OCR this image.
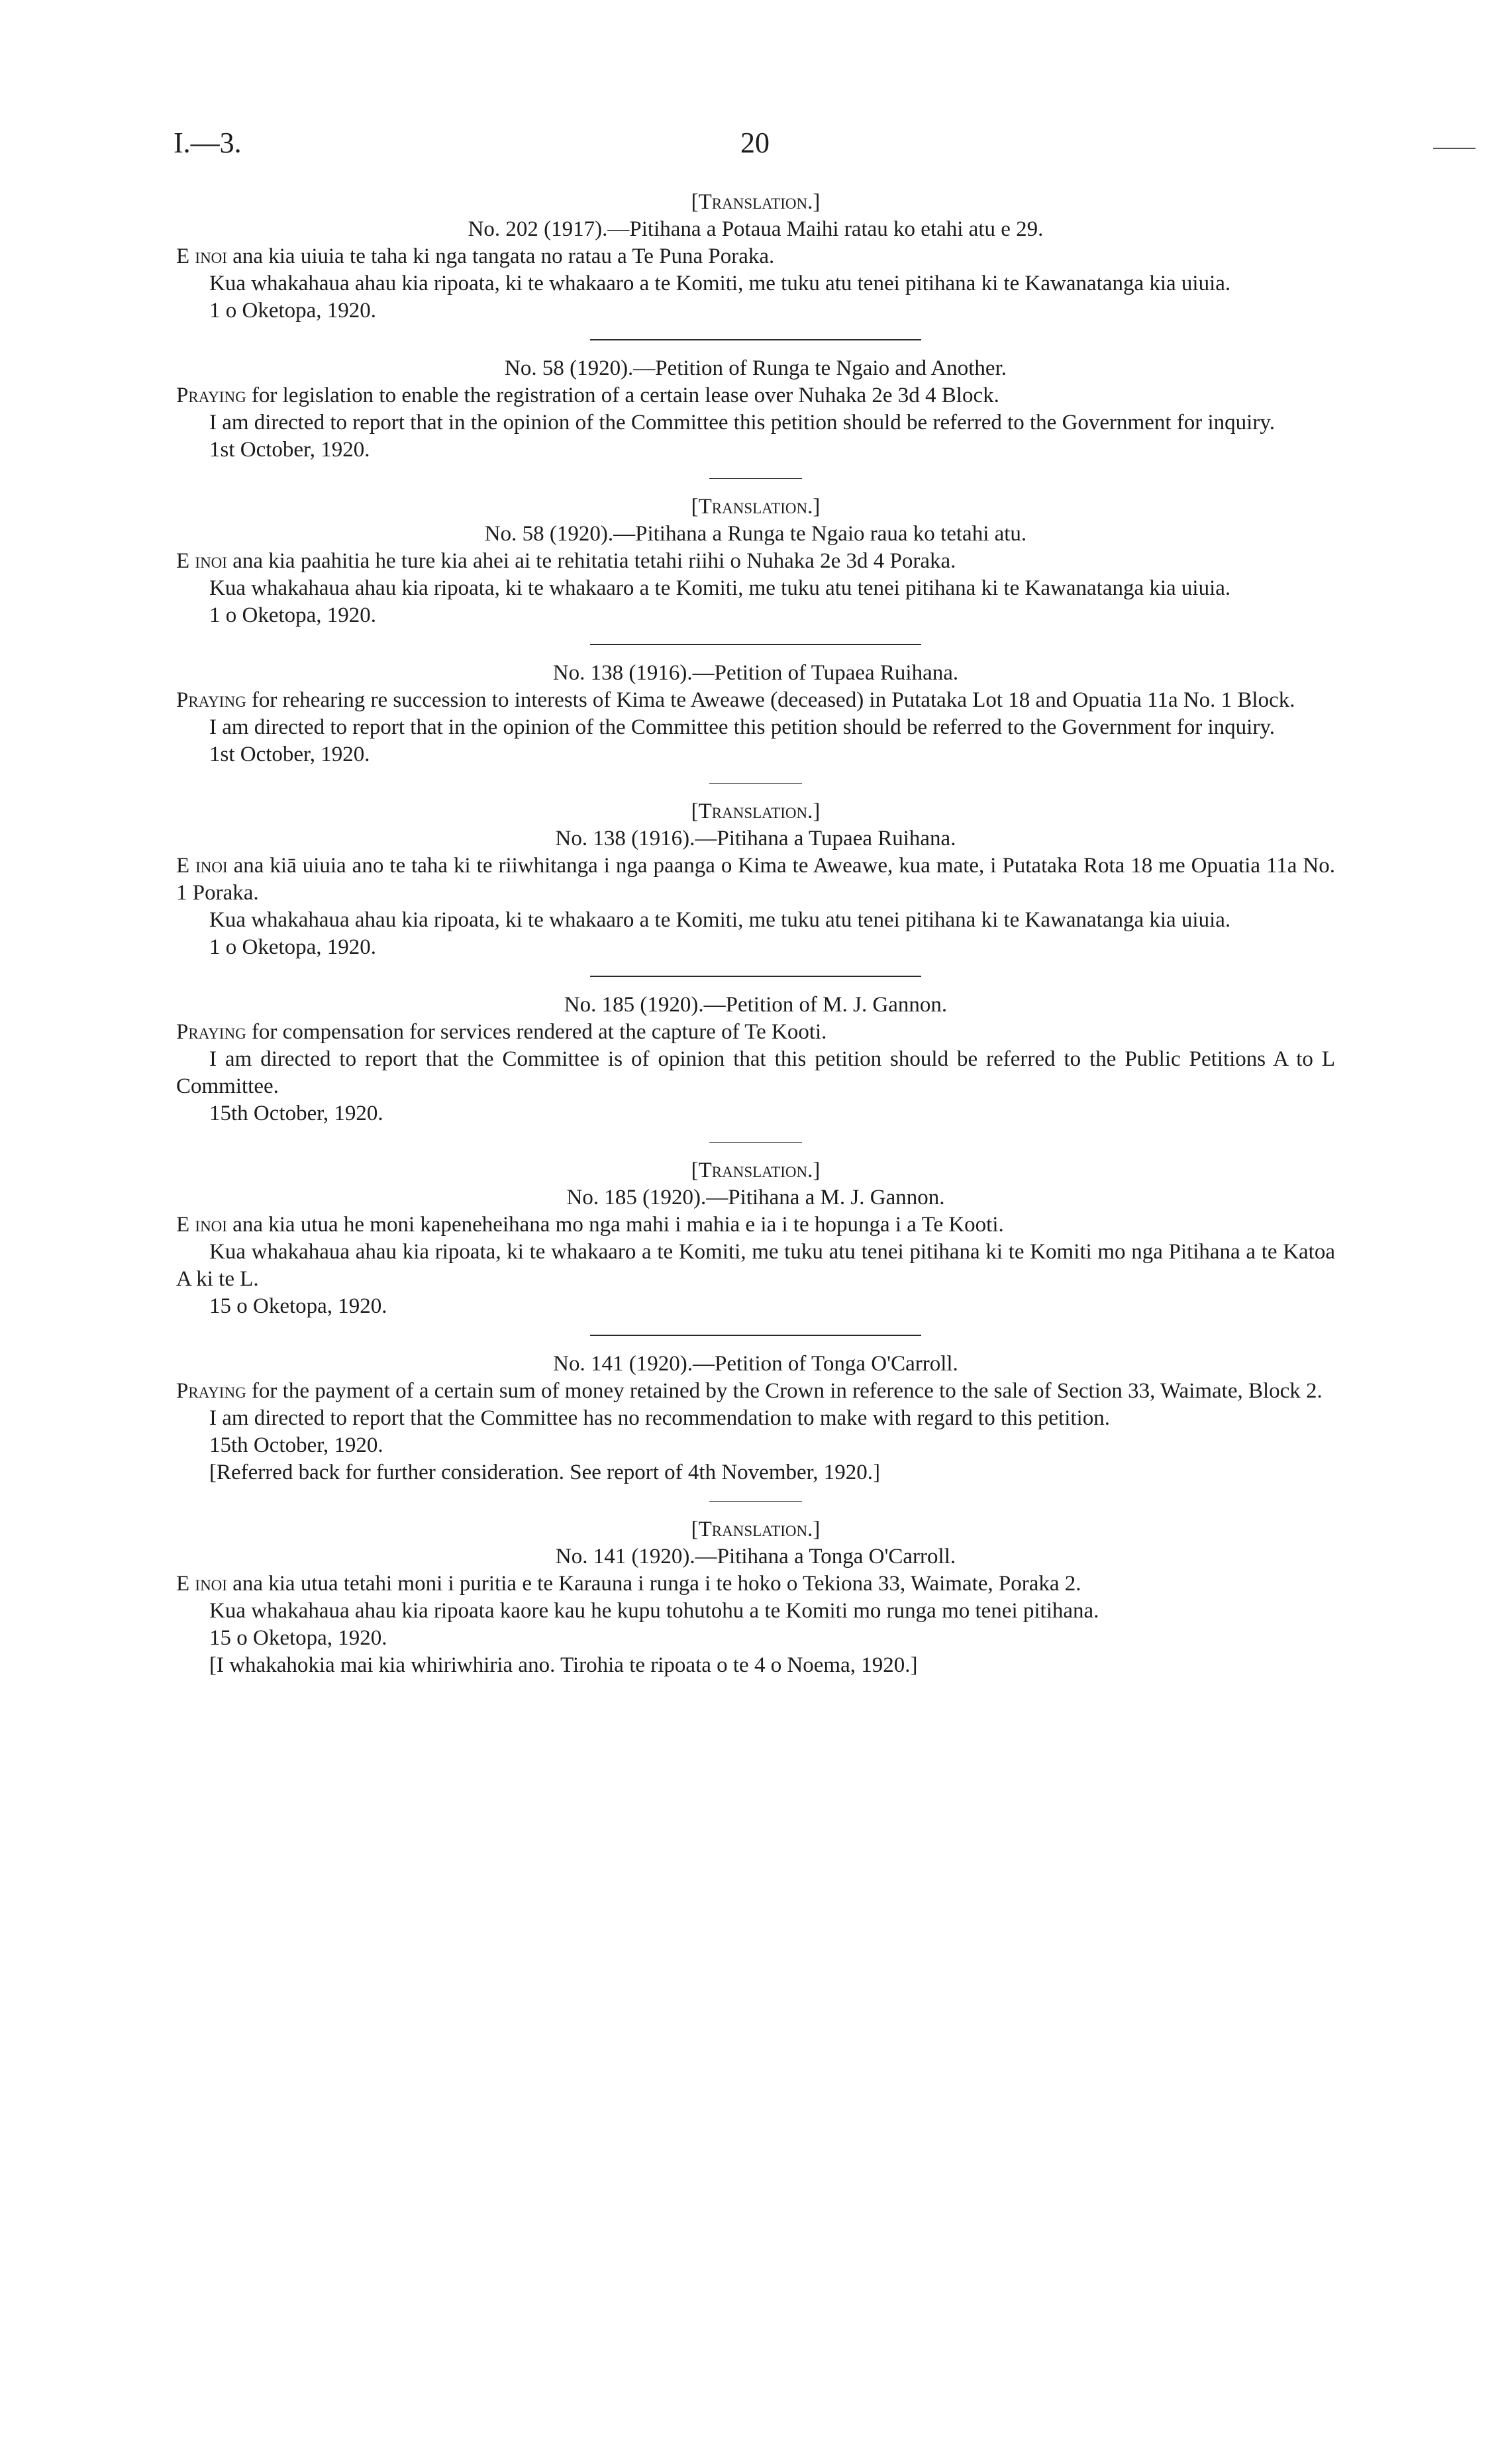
I.—3.	20

[Translation.]

No. 202 (1917).—Pitihana a Potaua Maihi ratau ko etahi atu e 29.

E inoi ana kia uiuia te taha ki nga tangata no ratau a Te Puna Poraka.

Kua whakahaua ahau kia ripoata, ki te whakaaro a te Komiti, me tuku atu tenei pitihana ki te Kawanatanga kia uiuia.

1 o Oketopa, 1920.

No. 58 (1920).—Petition of Runga te Ngaio and Another.

Praying for legislation to enable the registration of a certain lease over Nuhaka 2e 3d 4 Block.

I am directed to report that in the opinion of the Committee this petition should be referred to the Government for inquiry.

1st October, 1920.

[Translation.]

No. 58 (1920).—Pitihana a Runga te Ngaio raua ko tetahi atu.

E inoi ana kia paahitia he ture kia ahei ai te rehitatia tetahi riihi o Nuhaka 2e 3d 4 Poraka.

Kua whakahaua ahau kia ripoata, ki te whakaaro a te Komiti, me tuku atu tenei pitihana ki te Kawanatanga kia uiuia.

1 o Oketopa, 1920.

No. 138 (1916).—Petition of Tupaea Ruihana.

Praying for rehearing re succession to interests of Kima te Aweawe (deceased) in Putataka Lot 18 and Opuatia 11a No. 1 Block.

I am directed to report that in the opinion of the Committee this petition should be referred to the Government for inquiry.

1st October, 1920.

[Translation.]

No. 138 (1916).—Pitihana a Tupaea Ruihana.

E inoi ana kiā uiuia ano te taha ki te riiwhitanga i nga paanga o Kima te Aweawe, kua mate, i Putataka Rota 18 me Opuatia 11a No. 1 Poraka.

Kua whakahaua ahau kia ripoata, ki te whakaaro a te Komiti, me tuku atu tenei pitihana ki te Kawanatanga kia uiuia.

1 o Oketopa, 1920.

No. 185 (1920).—Petition of M. J. Gannon.

Praying for compensation for services rendered at the capture of Te Kooti.

I am directed to report that the Committee is of opinion that this petition should be referred to the Public Petitions A to L Committee.

15th October, 1920.

[Translation.]

No. 185 (1920).—Pitihana a M. J. Gannon.

E inoi ana kia utua he moni kapeneheihana mo nga mahi i mahia e ia i te hopunga i a Te Kooti.

Kua whakahaua ahau kia ripoata, ki te whakaaro a te Komiti, me tuku atu tenei pitihana ki te Komiti mo nga Pitihana a te Katoa A ki te L.

15 o Oketopa, 1920.

No. 141 (1920).—Petition of Tonga O'Carroll.

Praying for the payment of a certain sum of money retained by the Crown in reference to the sale of Section 33, Waimate, Block 2.

I am directed to report that the Committee has no recommendation to make with regard to this petition.

15th October, 1920.

[Referred back for further consideration. See report of 4th November, 1920.]

[Translation.]

No. 141 (1920).—Pitihana a Tonga O'Carroll.

E inoi ana kia utua tetahi moni i puritia e te Karauna i runga i te hoko o Tekiona 33, Waimate, Poraka 2.

Kua whakahaua ahau kia ripoata kaore kau he kupu tohutohu a te Komiti mo runga mo tenei pitihana.

15 o Oketopa, 1920.

[I whakahokia mai kia whiriwhiria ano. Tirohia te ripoata o te 4 o Noema, 1920.]
